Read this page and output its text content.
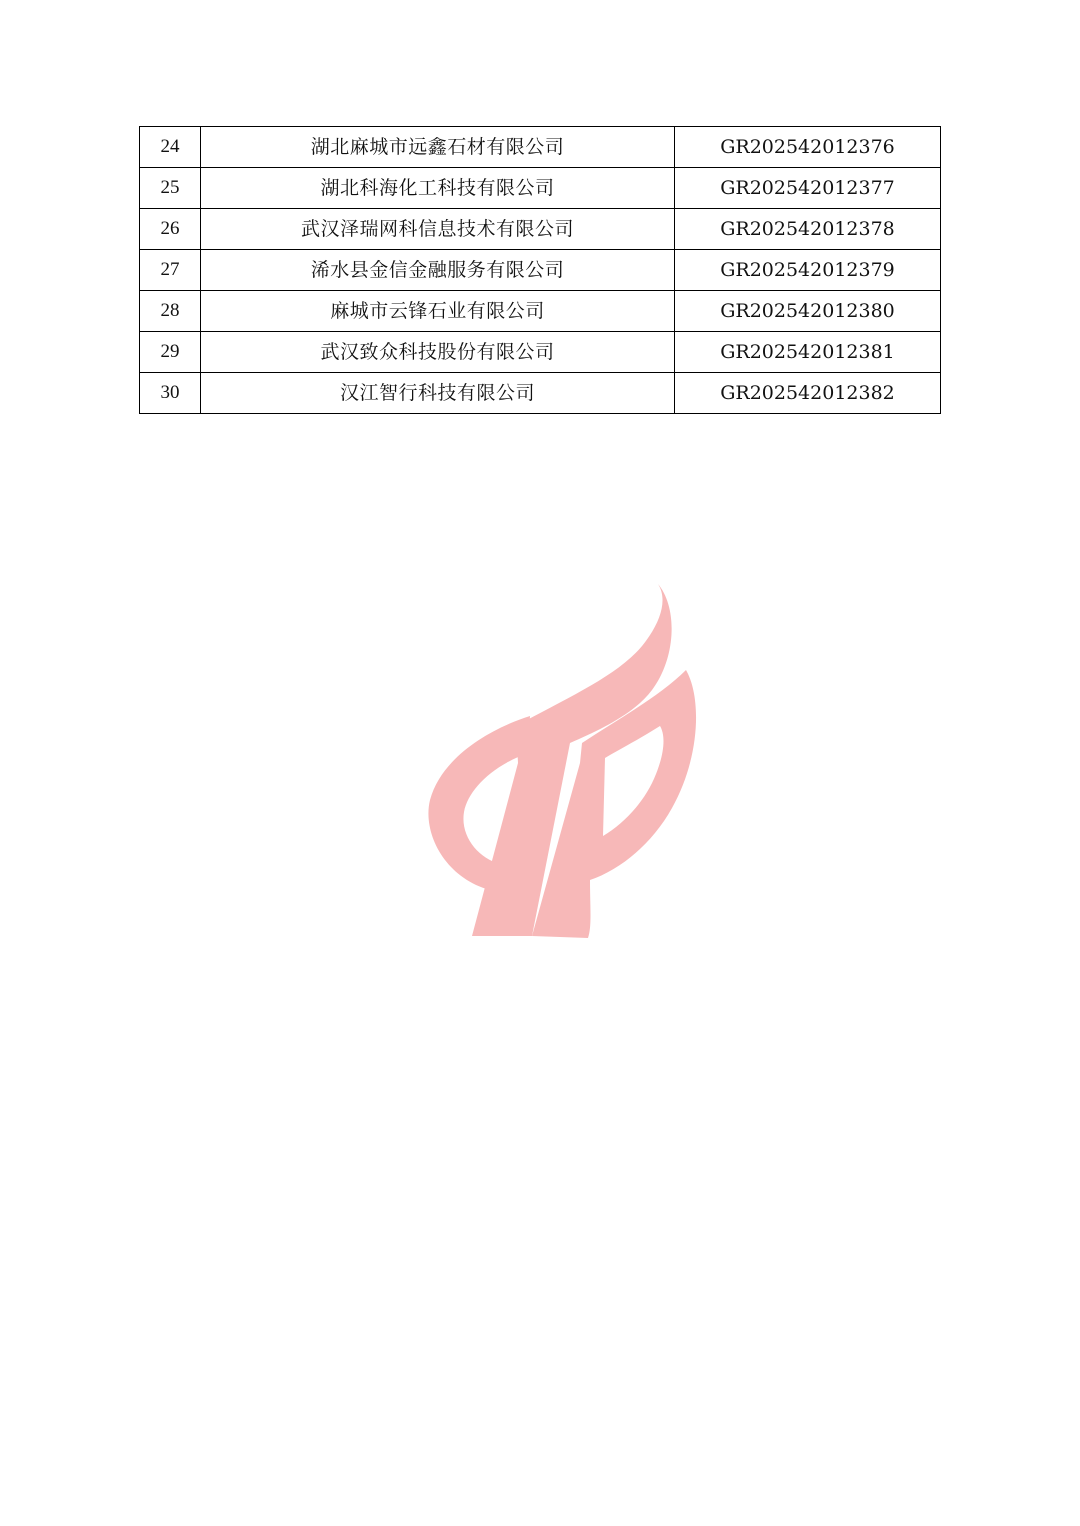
24	湖北麻城市远鑫石材有限公司	GR202542012376
25	湖北科海化工科技有限公司	GR202542012377
26	武汉泽瑞网科信息技术有限公司	GR202542012378
27	浠水县金信金融服务有限公司	GR202542012379
28	麻城市云锋石业有限公司	GR202542012380
29	武汉致众科技股份有限公司	GR202542012381
30	汉江智行科技有限公司	GR202542012382
